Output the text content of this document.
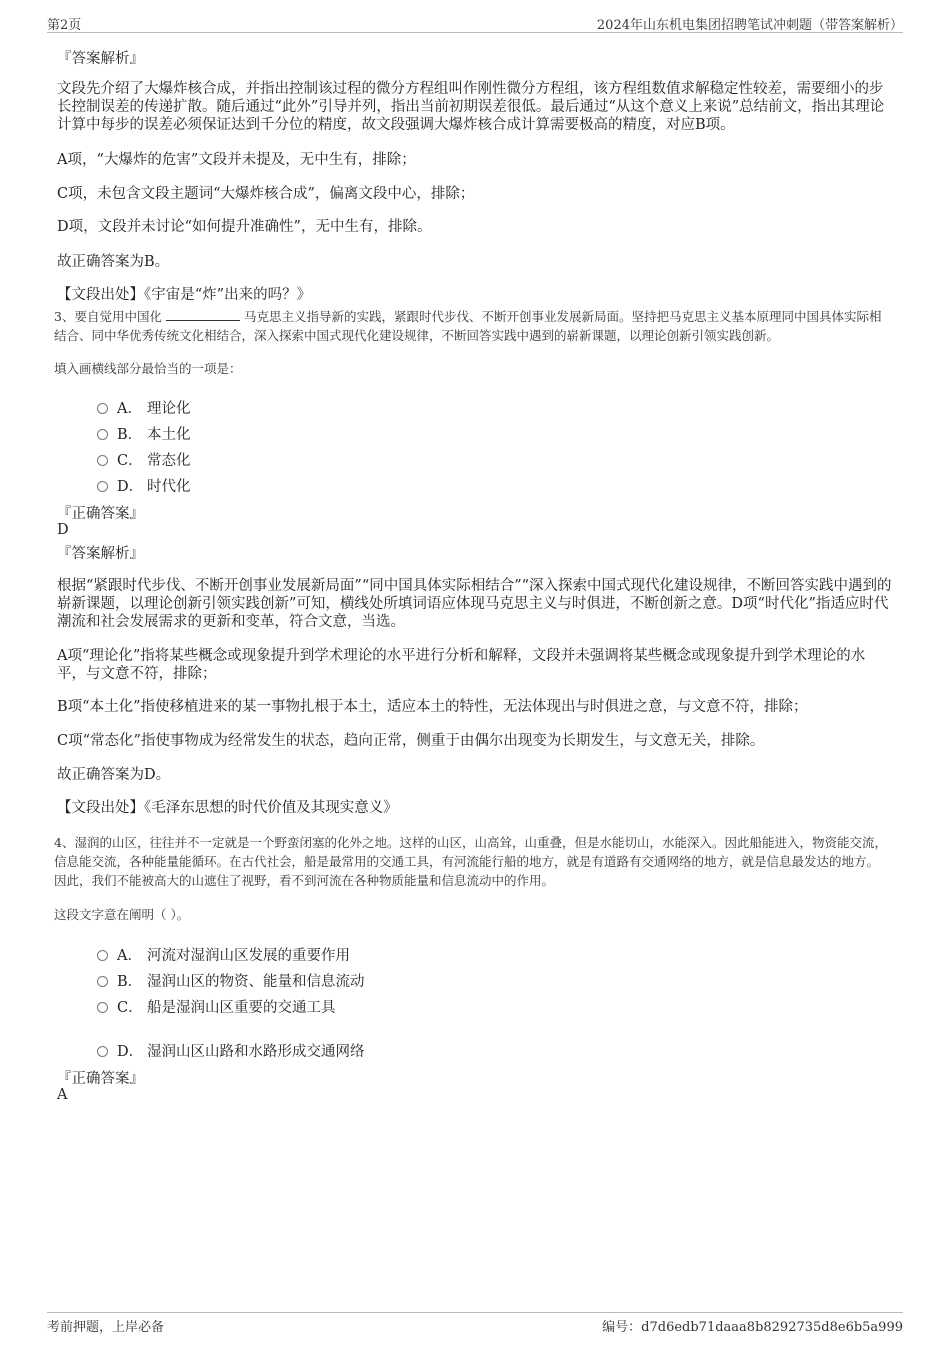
第2页	2024年山东机电集团招聘笔试冲刺题（带答案解析）
『答案解析』
文段先介绍了大爆炸核合成，并指出控制该过程的微分方程组叫作刚性微分方程组，该方程组数值求解稳定性较差，需要细小的步长控制误差的传递扩散。随后通过“此外”引导并列，指出当前初期误差很低。最后通过“从这个意义上来说”总结前文，指出其理论计算中每步的误差必须保证达到千分位的精度，故文段强调大爆炸核合成计算需要极高的精度，对应B项。
A项，“大爆炸的危害”文段并未提及，无中生有，排除；
C项，未包含文段主题词“大爆炸核合成”，偏离文段中心，排除；
D项，文段并未讨论“如何提升准确性”，无中生有，排除。
故正确答案为B。
【文段出处】《宇宙是“炸”出来的吗？》
3、要自觉用中国化	马克思主义指导新的实践，紧跟时代步伐、不断开创事业发展新局面。坚持把马克思主义基本原理同中国具体实际相结合、同中华优秀传统文化相结合，深入探索中国式现代化建设规律，不断回答实践中遇到的崭新课题，以理论创新引领实践创新。
填入画横线部分最恰当的一项是：
A． 理论化
B． 本土化
C． 常态化
D． 时代化
『正确答案』
D
『答案解析』
根据“紧跟时代步伐、不断开创事业发展新局面”“同中国具体实际相结合”“深入探索中国式现代化建设规律，不断回答实践中遇到的崭新课题，以理论创新引领实践创新”可知，横线处所填词语应体现马克思主义与时俱进，不断创新之意。D项“时代化”指适应时代潮流和社会发展需求的更新和变革，符合文意，当选。
A项“理论化”指将某些概念或现象提升到学术理论的水平进行分析和解释，文段并未强调将某些概念或现象提升到学术理论的水平，与文意不符，排除；
B项“本土化”指使移植进来的某一事物扎根于本土，适应本土的特性，无法体现出与时俱进之意，与文意不符，排除；
C项“常态化”指使事物成为经常发生的状态，趋向正常，侧重于由偶尔出现变为长期发生，与文意无关，排除。
故正确答案为D。
【文段出处】《毛泽东思想的时代价值及其现实意义》
4、湿润的山区，往往并不一定就是一个野蛮闭塞的化外之地。这样的山区，山高耸，山重叠，但是水能切山，水能深入。因此船能进入，物资能交流，信息能交流，各种能量能循环。在古代社会，船是最常用的交通工具，有河流能行船的地方，就是有道路有交通网络的地方，就是信息最发达的地方。因此，我们不能被高大的山遮住了视野，看不到河流在各种物质能量和信息流动中的作用。
这段文字意在阐明（ ）。
A． 河流对湿润山区发展的重要作用
B． 湿润山区的物资、能量和信息流动
C． 船是湿润山区重要的交通工具
D． 湿润山区山路和水路形成交通网络
『正确答案』
A
考前押题，上岸必备	编号：d7d6edb71daaa8b8292735d8e6b5a999
